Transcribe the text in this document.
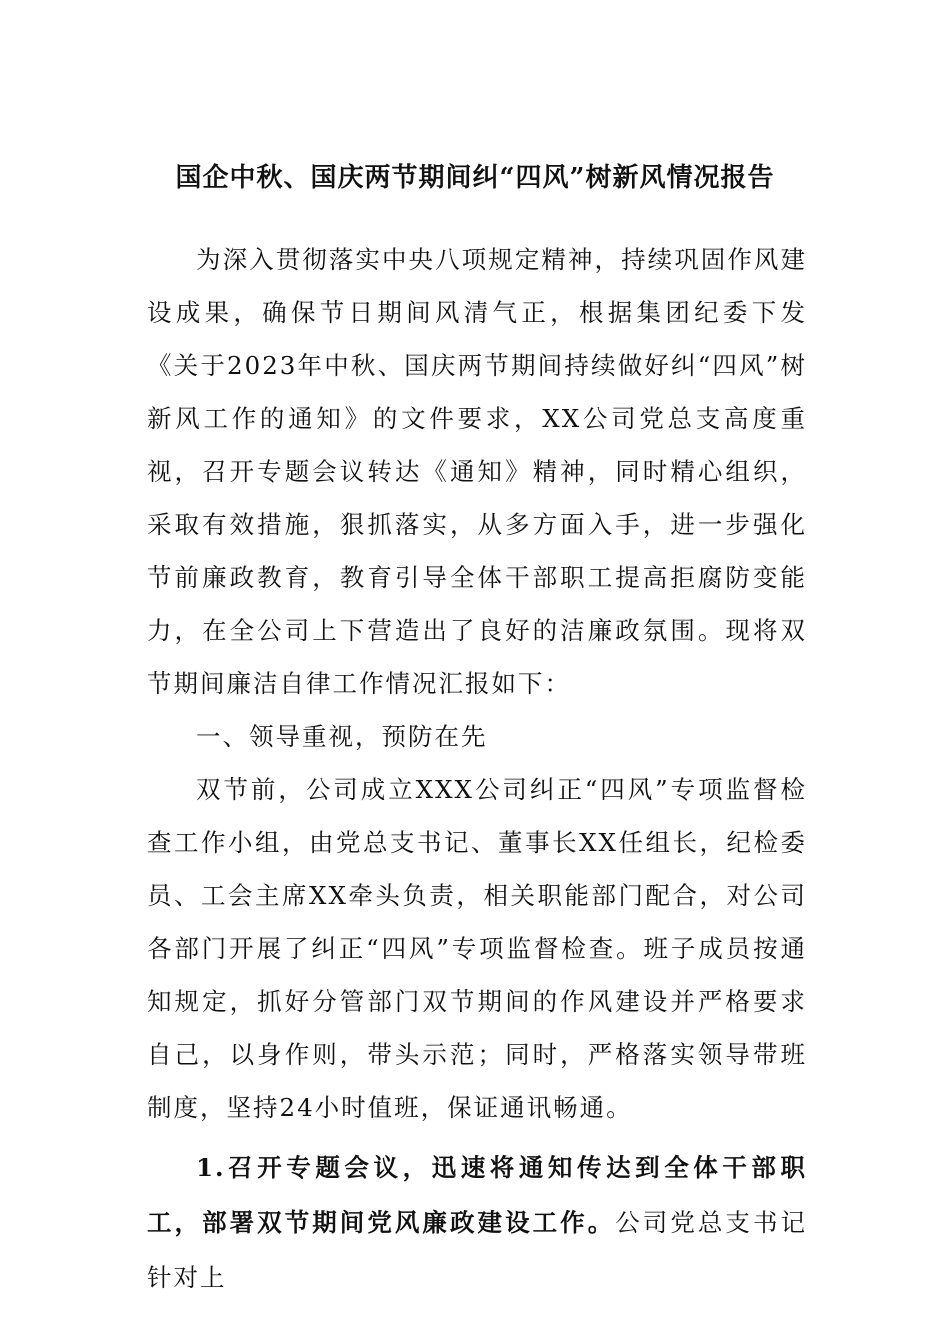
国企中秋、国庆两节期间纠“四风”树新风情况报告

为深入贯彻落实中央八项规定精神，持续巩固作风建设成果，确保节日期间风清气正，根据集团纪委下发《关于2023年中秋、国庆两节期间持续做好纠“四风”树新风工作的通知》的文件要求，XX公司党总支高度重视，召开专题会议转达《通知》精神，同时精心组织，采取有效措施，狠抓落实，从多方面入手，进一步强化节前廉政教育，教育引导全体干部职工提高拒腐防变能力，在全公司上下营造出了良好的洁廉政氛围。现将双节期间廉洁自律工作情况汇报如下：

一、领导重视，预防在先

双节前，公司成立XXX公司纠正“四风”专项监督检查工作小组，由党总支书记、董事长XX任组长，纪检委员、工会主席XX牵头负责，相关职能部门配合，对公司各部门开展了纠正“四风”专项监督检查。班子成员按通知规定，抓好分管部门双节期间的作风建设并严格要求自己，以身作则，带头示范；同时，严格落实领导带班制度，坚持24小时值班，保证通讯畅通。

1.召开专题会议，迅速将通知传达到全体干部职工，部署双节期间党风廉政建设工作。公司党总支书记针对上
